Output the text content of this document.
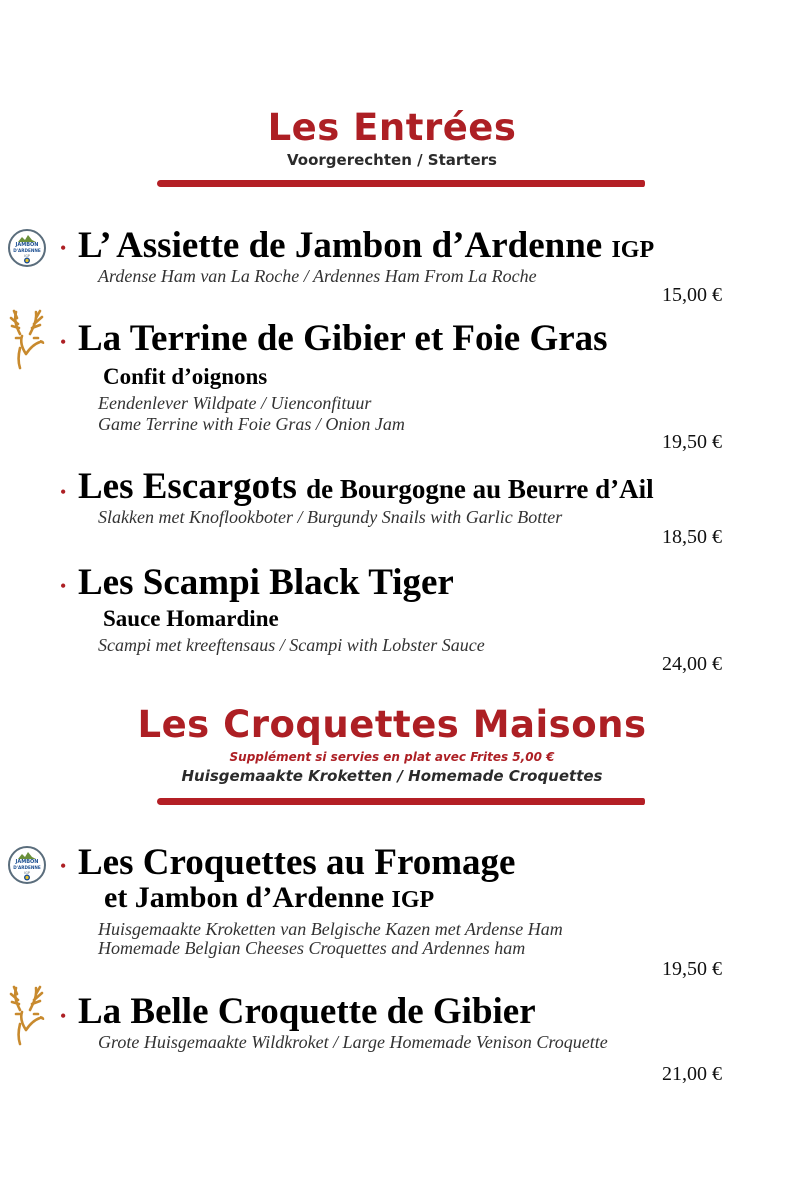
Les Entrées
Voorgerechten / Starters
JAMBON
D'ARDENNE
IGP • L’ Assiette de Jambon d’Ardenne IGP
Ardense Ham van La Roche / Ardennes Ham From La Roche
15,00 €
• La Terrine de Gibier et Foie Gras
Confit d’oignons
Eendenlever Wildpate / Uienconfituur
Game Terrine with Foie Gras / Onion Jam
19,50 €
• Les Escargots de Bourgogne au Beurre d’Ail
Slakken met Knoflookboter / Burgundy Snails with Garlic Botter
18,50 €
• Les Scampi Black Tiger
Sauce Homardine
Scampi met kreeftensaus / Scampi with Lobster Sauce
24,00 €
Les Croquettes Maisons
Supplément si servies en plat avec Frites 5,00 €
Huisgemaakte Kroketten / Homemade Croquettes
JAMBON
D'ARDENNE
IGP • Les Croquettes au Fromage
et Jambon d’Ardenne IGP
Huisgemaakte Kroketten van Belgische Kazen met Ardense Ham
Homemade Belgian Cheeses Croquettes and Ardennes ham
19,50 €
• La Belle Croquette de Gibier
Grote Huisgemaakte Wildkroket / Large Homemade Venison Croquette
21,00 €
